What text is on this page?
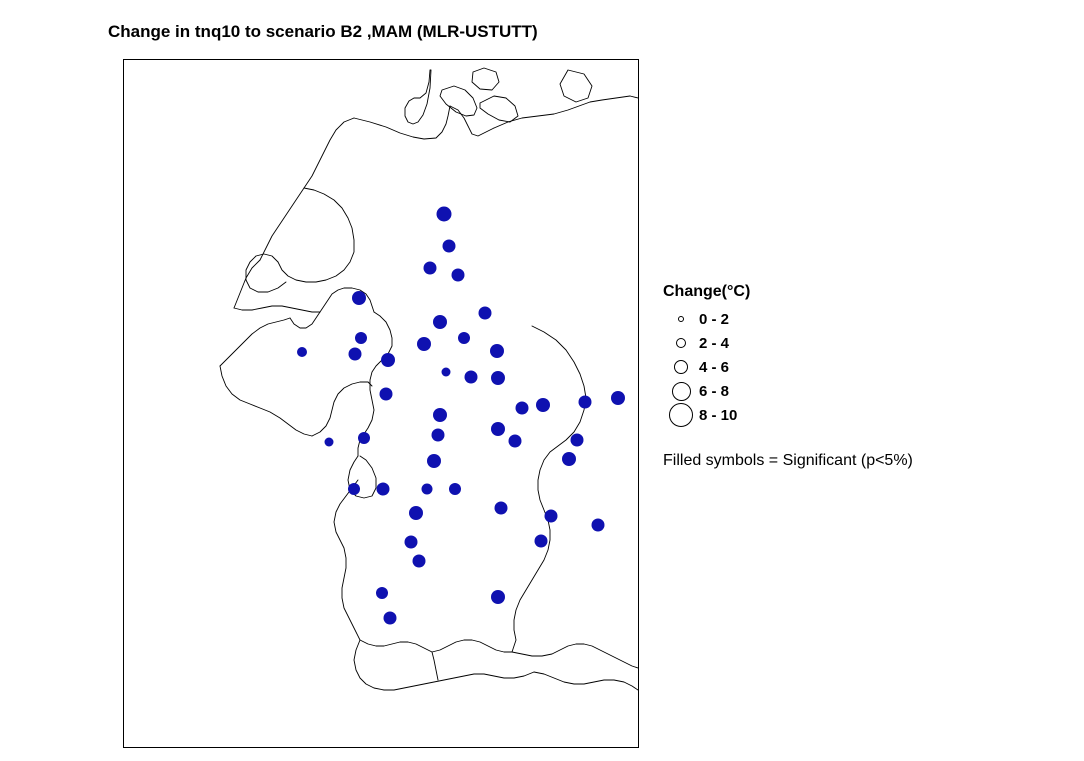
Change in tnq10 to scenario B2 ,MAM (MLR-USTUTT)
Change(°C)
0 - 2
2 - 4
4 - 6
6 - 8
8 - 10
Filled symbols = Significant (p<5%)
